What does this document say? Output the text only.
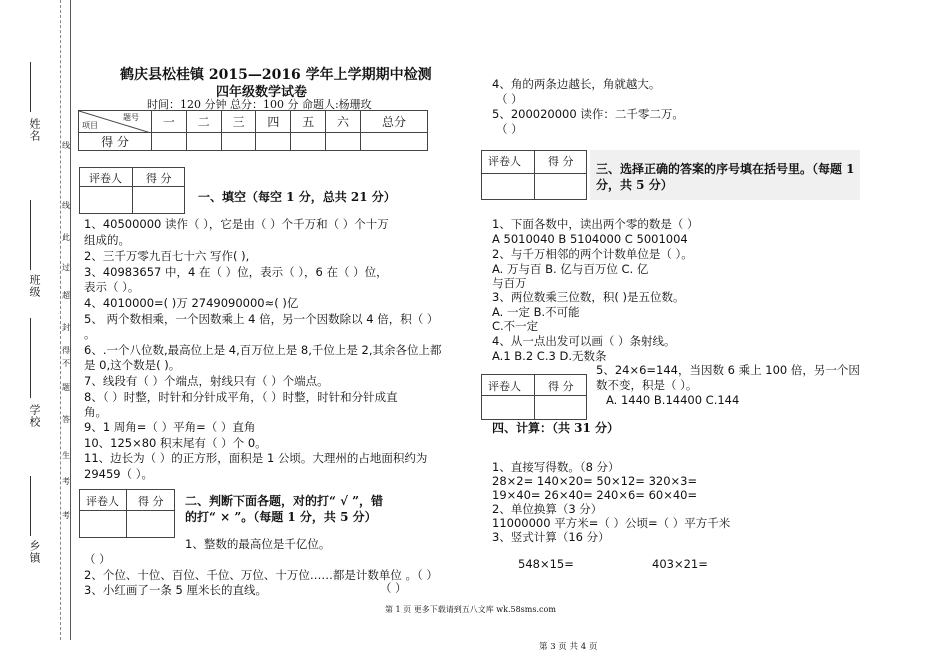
姓名
班级
学校
乡镇
线
线
此
过
超
封
得
不
题
答
生
考
考
鹤庆县松桂镇 2015—2016 学年上学期期中检测
四年级数学试卷
时间：120 分钟 总分：100 分 命题人:杨珊玫
题号
项目	一	二	三	四	五	六	总分
得 分							
评卷人 得 分
一、填空（每空 1 分，总共 21 分）
1、40500000 读作（ ），它是由（ ）个千万和（ ）个十万
组成的。
2、三千万零九百七十六 写作( ),
3、40983657 中，4 在（ ）位，表示（ ），6 在（ ）位，
表示（ ）。
4、4010000=( )万 2749090000≈( )亿
5、 两个数相乘，一个因数乘上 4 倍，另一个因数除以 4 倍，积（ ）
。
6、.一个八位数,最高位上是 4,百万位上是 8,千位上是 2,其余各位上都
是 0,这个数是( )。
7、线段有（ ）个端点，射线只有（ ）个端点。
8、（ ）时整，时针和分针成平角，（ ）时整，时针和分针成直
角。
9、1 周角=（ ）平角=（ ）直角
10、125×80 积末尾有（ ）个 0。
11、边长为（ ）的正方形，面积是 1 公顷。大理州的占地面积约为
29459（ ）。
评卷人 得 分 二、判断下面各题，对的打“ √ ”，错
的打“ × ”。（每题 1 分，共 5 分）
1、整数的最高位是千亿位。
（ ）
2、个位、十位、百位、千位、万位、十万位……都是计数单位 。（ ）
3、小红画了一条 5 厘米长的直线。	（ ）
4、角的两条边越长，角就越大。
（ ）
5、200020000 读作：二千零二万。
（ ）
评卷人 得 分
三、选择正确的答案的序号填在括号里。（每题 1
分，共 5 分）
1、下面各数中，读出两个零的数是（ ）
A 5010040 B 5104000 C 5001004
2、与千万相邻的两个计数单位是（ ）。
A. 万与百 B. 亿与百万位 C. 亿
与百万
3、两位数乘三位数，积( )是五位数。
A. 一定 B.不可能
C.不一定
4、从一点出发可以画（ ）条射线。
A.1 B.2 C.3 D.无数条
评卷人 得 分
5、24×6=144，当因数 6 乘上 100 倍，另一个因
数不变，积是（ ）。
A. 1440 B.14400 C.144
四、计算：（共 31 分）
1、直接写得数。（8 分）
28×2= 140×20= 50×12= 320×3=
19×40= 26×40= 240×6= 60×40=
2、单位换算（3 分）
11000000 平方米=（ ）公顷=（ ）平方千米
3、竖式计算（16 分）
548×15=	403×21=
第 1 页 更多下载请到五八文库 wk.58sms.com
第 3 页 共 4 页
